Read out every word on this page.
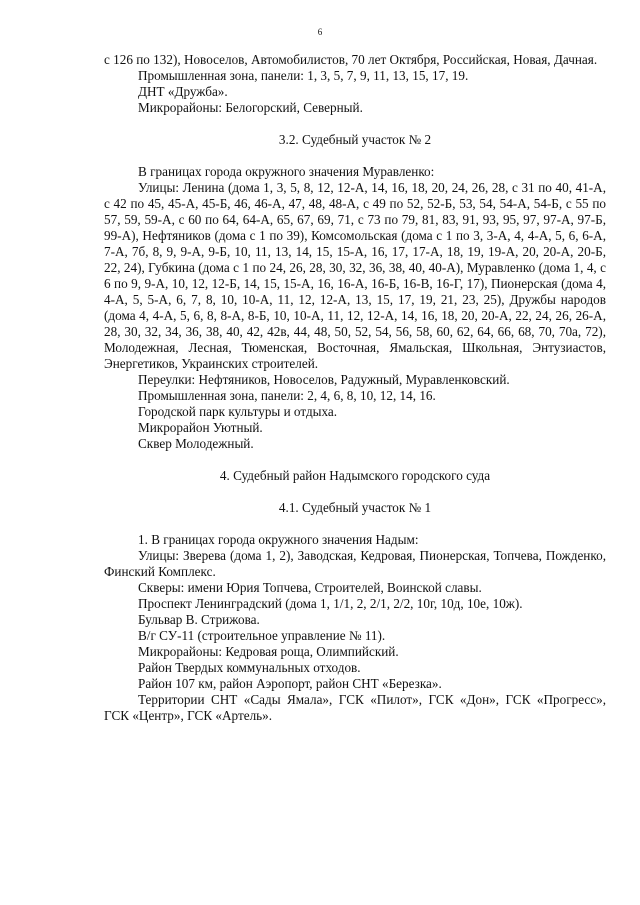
6

с 126 по 132), Новоселов, Автомобилистов, 70 лет Октября, Российская, Новая, Дачная.

Промышленная зона, панели: 1, 3, 5, 7, 9, 11, 13, 15, 17, 19.

ДНТ «Дружба».

Микрорайоны: Белогорский, Северный.

3.2. Судебный участок № 2

В границах города окружного значения Муравленко:

Улицы: Ленина (дома 1, 3, 5, 8, 12, 12-А, 14, 16, 18, 20, 24, 26, 28, с 31 по 40, 41-А, с 42 по 45, 45-А, 45-Б, 46, 46-А, 47, 48, 48-А, с 49 по 52, 52-Б, 53, 54, 54-А, 54-Б, с 55 по 57, 59, 59-А, с 60 по 64, 64-А, 65, 67, 69, 71, с 73 по 79, 81, 83, 91, 93, 95, 97, 97-А, 97-Б, 99-А), Нефтяников (дома с 1 по 39), Комсомольская (дома с 1 по 3, 3-А, 4, 4-А, 5, 6, 6-А, 7-А, 7б, 8, 9, 9-А, 9-Б, 10, 11, 13, 14, 15, 15-А, 16, 17, 17-А, 18, 19, 19-А, 20, 20-А, 20-Б, 22, 24), Губкина (дома с 1 по 24, 26, 28, 30, 32, 36, 38, 40, 40-А), Муравленко (дома 1, 4, с 6 по 9, 9-А, 10, 12, 12-Б, 14, 15, 15-А, 16, 16-А, 16-Б, 16-В, 16-Г, 17), Пионерская (дома 4, 4-А, 5, 5-А, 6, 7, 8, 10, 10-А, 11, 12, 12-А, 13, 15, 17, 19, 21, 23, 25), Дружбы народов (дома 4, 4-А, 5, 6, 8, 8-А, 8-Б, 10, 10-А, 11, 12, 12-А, 14, 16, 18, 20, 20-А, 22, 24, 26, 26-А, 28, 30, 32, 34, 36, 38, 40, 42, 42в, 44, 48, 50, 52, 54, 56, 58, 60, 62, 64, 66, 68, 70, 70а, 72), Молодежная, Лесная, Тюменская, Восточная, Ямальская, Школьная, Энтузиастов, Энергетиков, Украинских строителей.

Переулки: Нефтяников, Новоселов, Радужный, Муравленковский.

Промышленная зона, панели: 2, 4, 6, 8, 10, 12, 14, 16.

Городской парк культуры и отдыха.

Микрорайон Уютный.

Сквер Молодежный.

4. Судебный район Надымского городского суда

4.1. Судебный участок № 1

1. В границах города окружного значения Надым:

Улицы: Зверева (дома 1, 2), Заводская, Кедровая, Пионерская, Топчева, Пожденко, Финский Комплекс.

Скверы: имени Юрия Топчева, Строителей, Воинской славы.

Проспект Ленинградский (дома 1, 1/1, 2, 2/1, 2/2, 10г, 10д, 10е, 10ж).

Бульвар В. Стрижова.

В/г СУ-11 (строительное управление № 11).

Микрорайоны: Кедровая роща, Олимпийский.

Район Твердых коммунальных отходов.

Район 107 км, район Аэропорт, район СНТ «Березка».

Территории СНТ «Сады Ямала», ГСК «Пилот», ГСК «Дон», ГСК «Прогресс», ГСК «Центр», ГСК «Артель».
